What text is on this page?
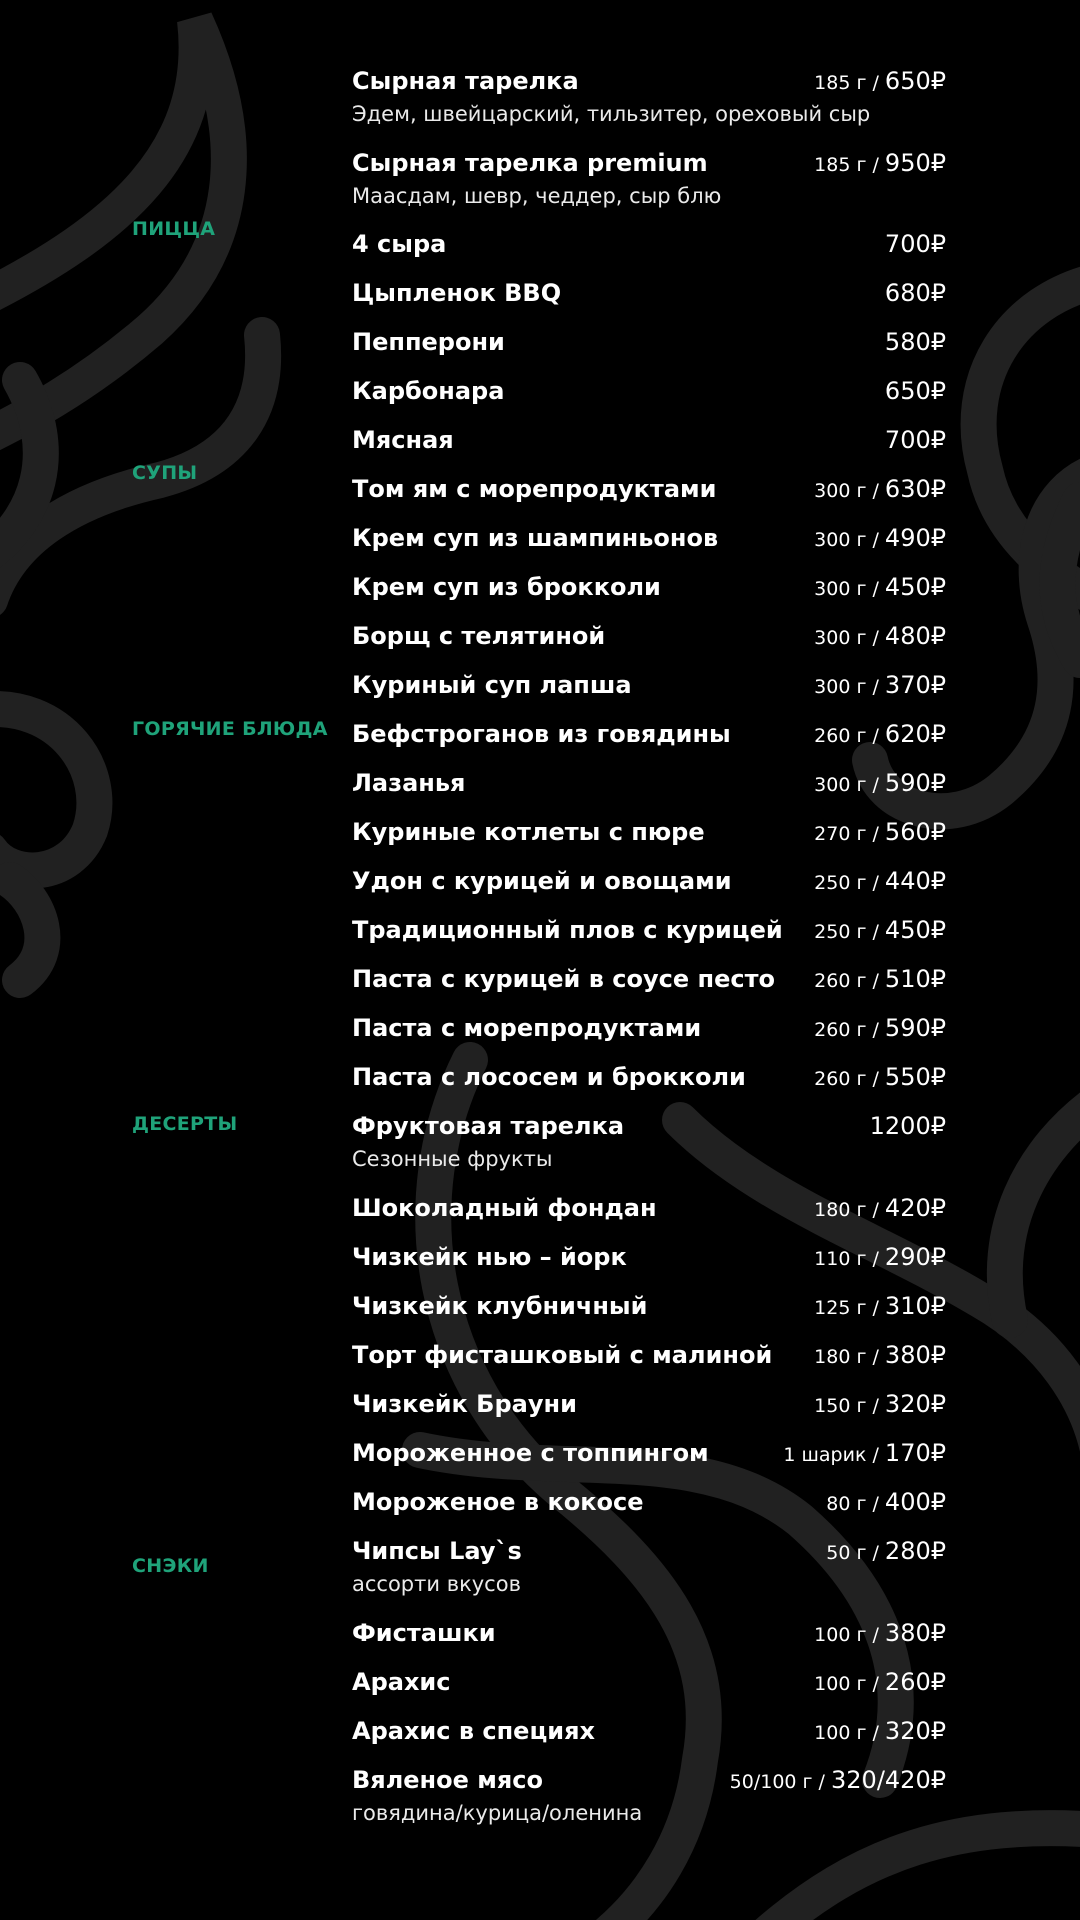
ПИЦЦА
СУПЫ
ГОРЯЧИЕ БЛЮДА
ДЕСЕРТЫ
СНЭКИ
Сырная тарелка	185 г / 650₽
Эдем, швейцарский, тильзитер, ореховый сыр
Сырная тарелка premium	185 г / 950₽
Маасдам, шевр, чеддер, сыр блю
4 сыра	700₽
Цыпленок BBQ	680₽
Пепперони	580₽
Карбонара	650₽
Мясная	700₽
Том ям с морепродуктами	300 г / 630₽
Крем суп из шампиньонов	300 г / 490₽
Крем суп из брокколи	300 г / 450₽
Борщ с телятиной	300 г / 480₽
Куриный суп лапша	300 г / 370₽
Бефстроганов из говядины	260 г / 620₽
Лазанья	300 г / 590₽
Куриные котлеты с пюре	270 г / 560₽
Удон с курицей и овощами	250 г / 440₽
Традиционный плов с курицей 250 г / 450₽
Паста с курицей в соусе песто 260 г / 510₽
Паста с морепродуктами	260 г / 590₽
Паста с лососем и брокколи	260 г / 550₽
Фруктовая тарелка	1200₽
Сезонные фрукты
Шоколадный фондан	180 г / 420₽
Чизкейк нью – йорк	110 г / 290₽
Чизкейк клубничный	125 г / 310₽
Торт фисташковый с малиной 180 г / 380₽
Чизкейк Брауни	150 г / 320₽
Мороженное с топпингом	1 шарик / 170₽
Мороженое в кокосе	80 г / 400₽
Чипсы Lay`s	50 г / 280₽
ассорти вкусов
Фисташки	100 г / 380₽
Арахис	100 г / 260₽
Арахис в специях	100 г / 320₽
Вяленое мясо	50/100 г / 320/420₽
говядина/курица/оленина
